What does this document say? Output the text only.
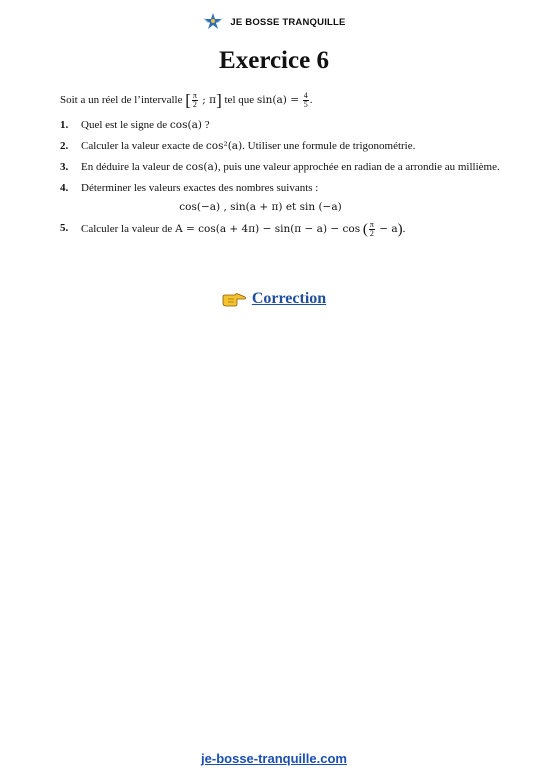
JE BOSSE TRANQUILLE
Exercice 6

Soit a un réel de l’intervalle [ $\frac{\pi}{2}$ ; π] tel que $\sin(a) = \frac{4}{5}$ .

1. Quel est le signe de cos(a) ?
2. Calculer la valeur exacte de cos²(a). Utiliser une formule de trigonométrie.
3. En déduire la valeur de cos(a), puis une valeur approchée en radian de a arrondie au millième.
4. Déterminer les valeurs exactes des nombres suivants :
cos(−a) , sin(a + π) et sin (−a)
5. Calculer la valeur de A = cos(a + 4π) − sin(π − a) − cos ( $\frac{\pi}{2} - a$).
Correction
je-bosse-tranquille.com
